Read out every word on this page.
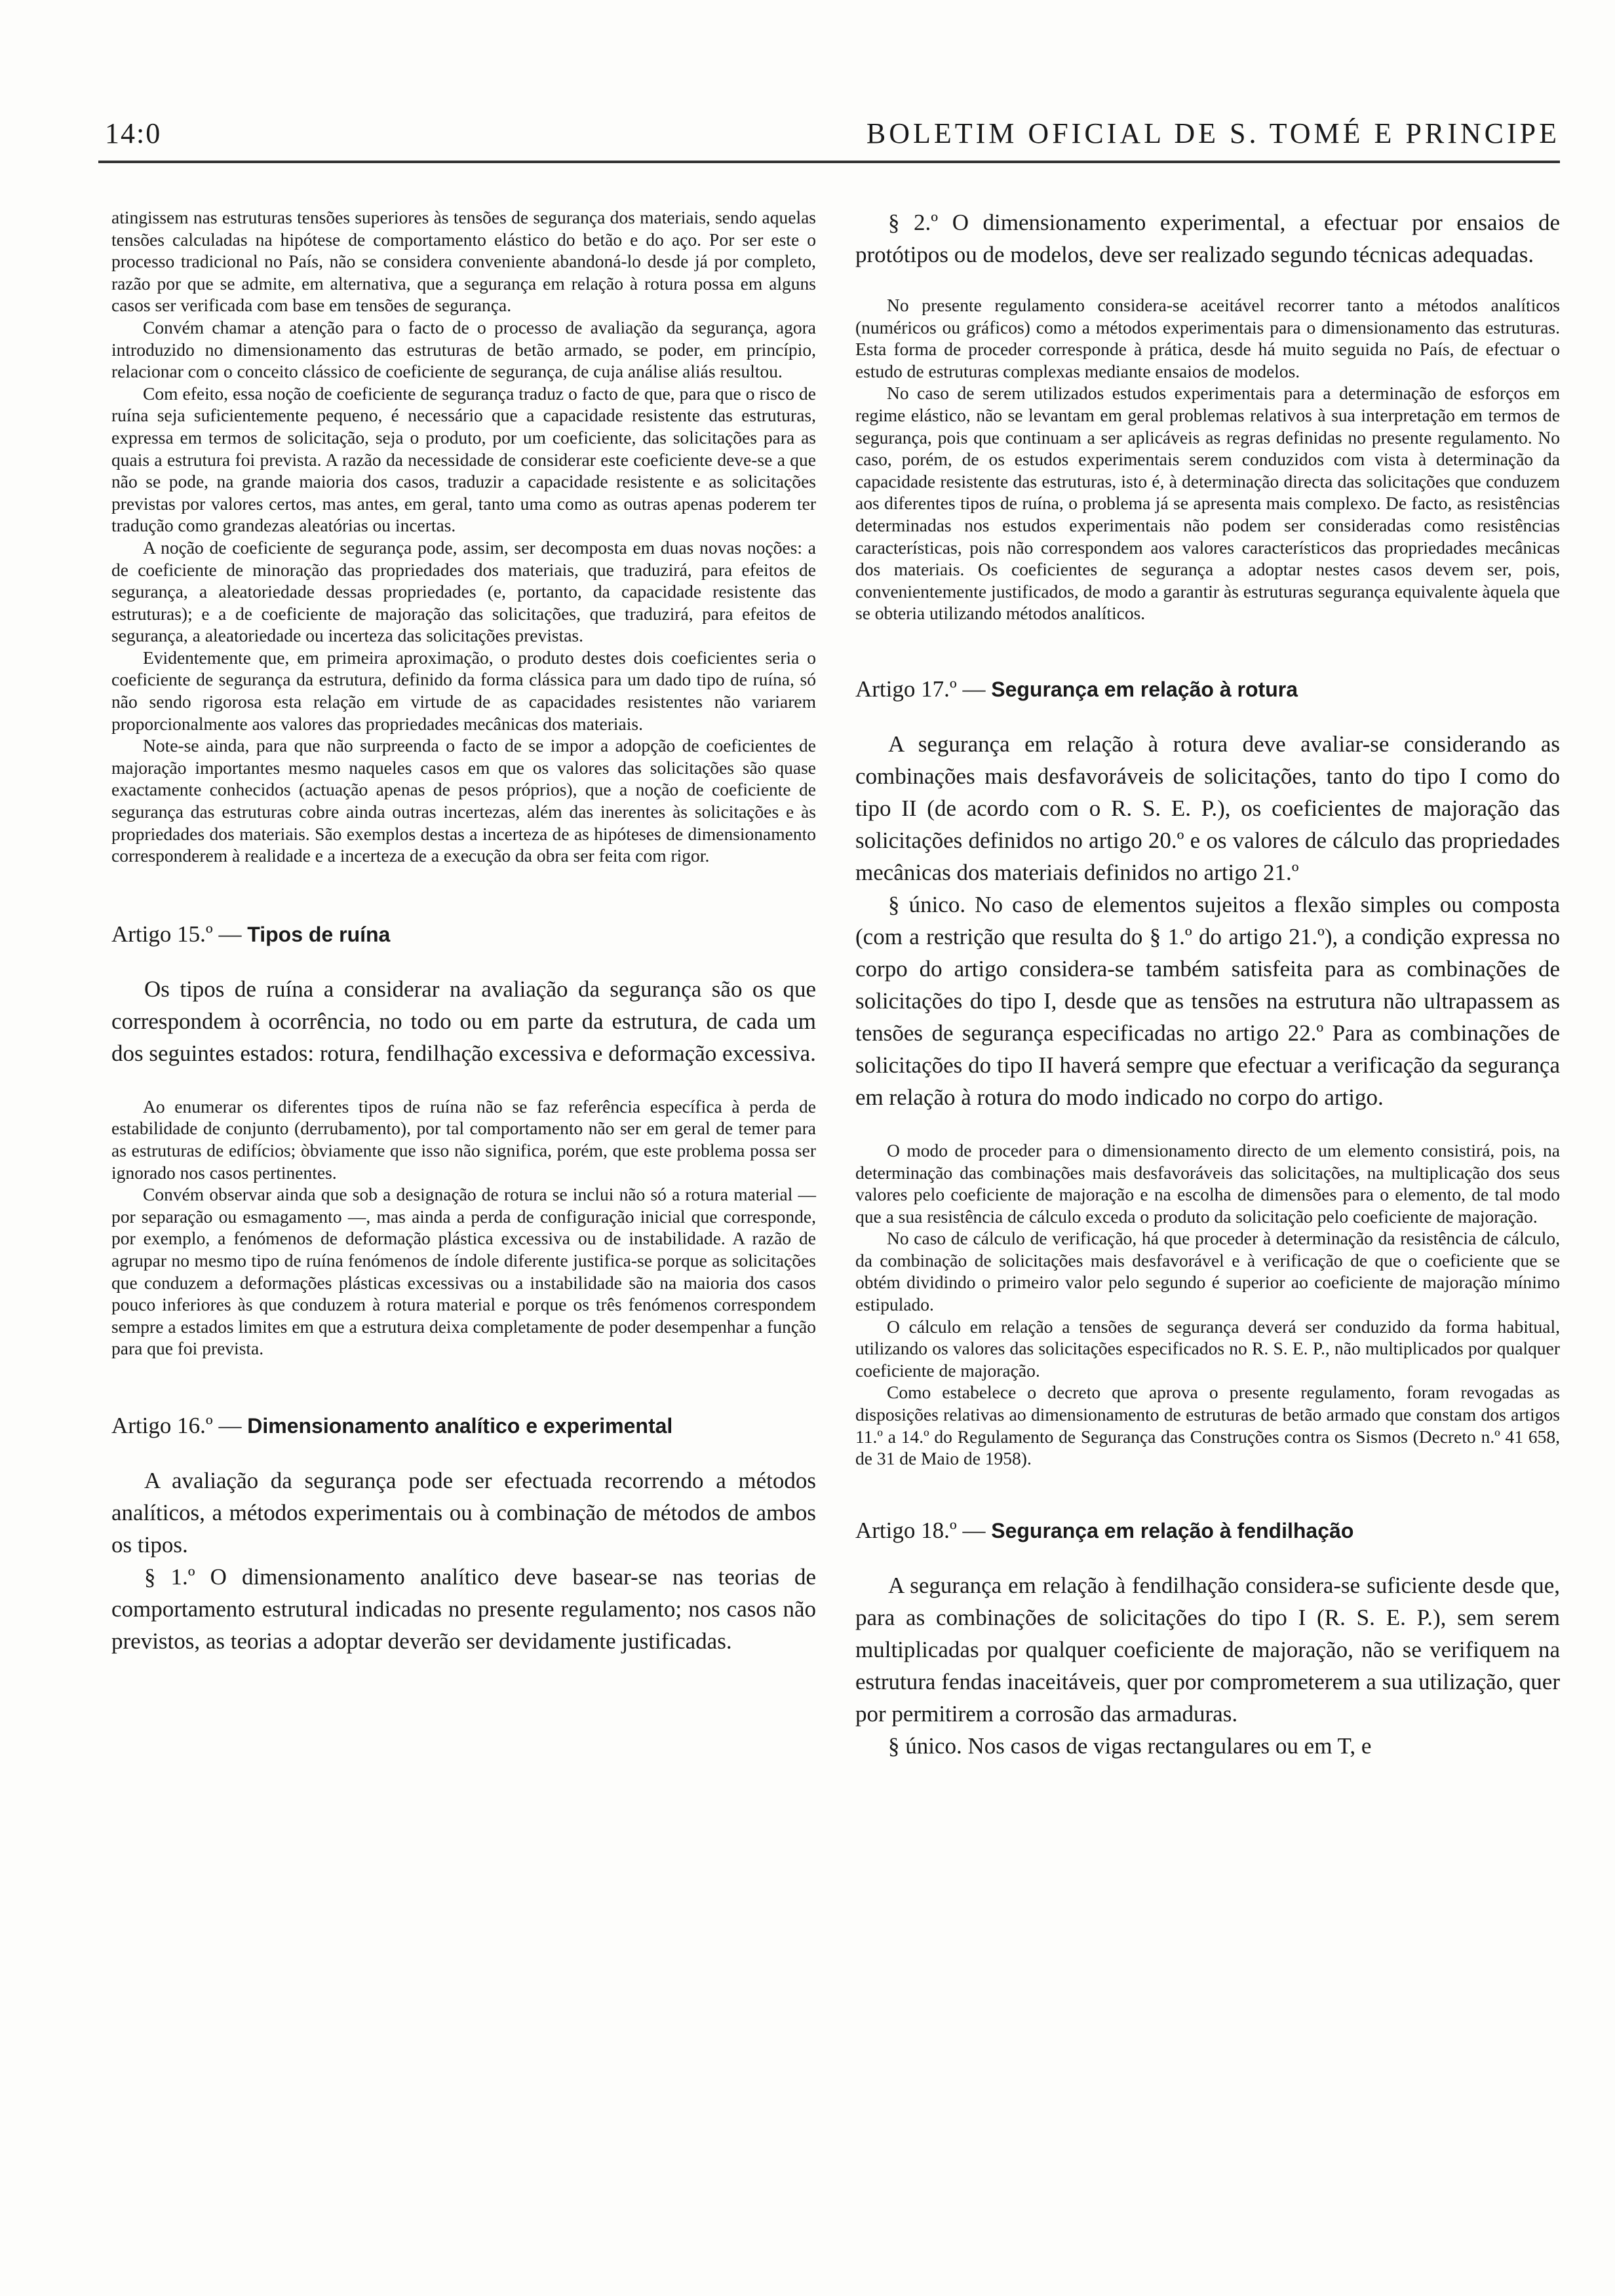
14:0	BOLETIM OFICIAL DE S. TOMÉ E PRINCIPE

atingissem nas estruturas tensões superiores às tensões de segurança dos materiais, sendo aquelas tensões calculadas na hipótese de comportamento elástico do betão e do aço. Por ser este o processo tradicional no País, não se considera conveniente abandoná-lo desde já por completo, razão por que se admite, em alternativa, que a segurança em relação à rotura possa em alguns casos ser verificada com base em tensões de segurança.

Convém chamar a atenção para o facto de o processo de avaliação da segurança, agora introduzido no dimensionamento das estruturas de betão armado, se poder, em princípio, relacionar com o conceito clássico de coeficiente de segurança, de cuja análise aliás resultou.

Com efeito, essa noção de coeficiente de segurança traduz o facto de que, para que o risco de ruína seja suficientemente pequeno, é necessário que a capacidade resistente das estruturas, expressa em termos de solicitação, seja o produto, por um coeficiente, das solicitações para as quais a estrutura foi prevista. A razão da necessidade de considerar este coeficiente deve-se a que não se pode, na grande maioria dos casos, traduzir a capacidade resistente e as solicitações previstas por valores certos, mas antes, em geral, tanto uma como as outras apenas poderem ter tradução como grandezas aleatórias ou incertas.

A noção de coeficiente de segurança pode, assim, ser decomposta em duas novas noções: a de coeficiente de minoração das propriedades dos materiais, que traduzirá, para efeitos de segurança, a aleatoriedade dessas propriedades (e, portanto, da capacidade resistente das estruturas); e a de coeficiente de majoração das solicitações, que traduzirá, para efeitos de segurança, a aleatoriedade ou incerteza das solicitações previstas.

Evidentemente que, em primeira aproximação, o produto destes dois coeficientes seria o coeficiente de segurança da estrutura, definido da forma clássica para um dado tipo de ruína, só não sendo rigorosa esta relação em virtude de as capacidades resistentes não variarem proporcionalmente aos valores das propriedades mecânicas dos materiais.

Note-se ainda, para que não surpreenda o facto de se impor a adopção de coeficientes de majoração importantes mesmo naqueles casos em que os valores das solicitações são quase exactamente conhecidos (actuação apenas de pesos próprios), que a noção de coeficiente de segurança das estruturas cobre ainda outras incertezas, além das inerentes às solicitações e às propriedades dos materiais. São exemplos destas a incerteza de as hipóteses de dimensionamento corresponderem à realidade e a incerteza de a execução da obra ser feita com rigor.

Artigo 15.º — Tipos de ruína

Os tipos de ruína a considerar na avaliação da segurança são os que correspondem à ocorrência, no todo ou em parte da estrutura, de cada um dos seguintes estados: rotura, fendilhação excessiva e deformação excessiva.

Ao enumerar os diferentes tipos de ruína não se faz referência específica à perda de estabilidade de conjunto (derrubamento), por tal comportamento não ser em geral de temer para as estruturas de edifícios; òbviamente que isso não significa, porém, que este problema possa ser ignorado nos casos pertinentes.

Convém observar ainda que sob a designação de rotura se inclui não só a rotura material — por separação ou esmagamento —, mas ainda a perda de configuração inicial que corresponde, por exemplo, a fenómenos de deformação plástica excessiva ou de instabilidade. A razão de agrupar no mesmo tipo de ruína fenómenos de índole diferente justifica-se porque as solicitações que conduzem a deformações plásticas excessivas ou a instabilidade são na maioria dos casos pouco inferiores às que conduzem à rotura material e porque os três fenómenos correspondem sempre a estados limites em que a estrutura deixa completamente de poder desempenhar a função para que foi prevista.

Artigo 16.º — Dimensionamento analítico e experimental

A avaliação da segurança pode ser efectuada recorrendo a métodos analíticos, a métodos experimentais ou à combinação de métodos de ambos os tipos.

§ 1.º O dimensionamento analítico deve basear-se nas teorias de comportamento estrutural indicadas no presente regulamento; nos casos não previstos, as teorias a adoptar deverão ser devidamente justificadas.

§ 2.º O dimensionamento experimental, a efectuar por ensaios de protótipos ou de modelos, deve ser realizado segundo técnicas adequadas.

No presente regulamento considera-se aceitável recorrer tanto a métodos analíticos (numéricos ou gráficos) como a métodos experimentais para o dimensionamento das estruturas. Esta forma de proceder corresponde à prática, desde há muito seguida no País, de efectuar o estudo de estruturas complexas mediante ensaios de modelos.

No caso de serem utilizados estudos experimentais para a determinação de esforços em regime elástico, não se levantam em geral problemas relativos à sua interpretação em termos de segurança, pois que continuam a ser aplicáveis as regras definidas no presente regulamento. No caso, porém, de os estudos experimentais serem conduzidos com vista à determinação da capacidade resistente das estruturas, isto é, à determinação directa das solicitações que conduzem aos diferentes tipos de ruína, o problema já se apresenta mais complexo. De facto, as resistências determinadas nos estudos experimentais não podem ser consideradas como resistências características, pois não correspondem aos valores característicos das propriedades mecânicas dos materiais. Os coeficientes de segurança a adoptar nestes casos devem ser, pois, convenientemente justificados, de modo a garantir às estruturas segurança equivalente àquela que se obteria utilizando métodos analíticos.

Artigo 17.º — Segurança em relação à rotura

A segurança em relação à rotura deve avaliar-se considerando as combinações mais desfavoráveis de solicitações, tanto do tipo I como do tipo II (de acordo com o R. S. E. P.), os coeficientes de majoração das solicitações definidos no artigo 20.º e os valores de cálculo das propriedades mecânicas dos materiais definidos no artigo 21.º

§ único. No caso de elementos sujeitos a flexão simples ou composta (com a restrição que resulta do § 1.º do artigo 21.º), a condição expressa no corpo do artigo considera-se também satisfeita para as combinações de solicitações do tipo I, desde que as tensões na estrutura não ultrapassem as tensões de segurança especificadas no artigo 22.º Para as combinações de solicitações do tipo II haverá sempre que efectuar a verificação da segurança em relação à rotura do modo indicado no corpo do artigo.

O modo de proceder para o dimensionamento directo de um elemento consistirá, pois, na determinação das combinações mais desfavoráveis das solicitações, na multiplicação dos seus valores pelo coeficiente de majoração e na escolha de dimensões para o elemento, de tal modo que a sua resistência de cálculo exceda o produto da solicitação pelo coeficiente de majoração.

No caso de cálculo de verificação, há que proceder à determinação da resistência de cálculo, da combinação de solicitações mais desfavorável e à verificação de que o coeficiente que se obtém dividindo o primeiro valor pelo segundo é superior ao coeficiente de majoração mínimo estipulado.

O cálculo em relação a tensões de segurança deverá ser conduzido da forma habitual, utilizando os valores das solicitações especificados no R. S. E. P., não multiplicados por qualquer coeficiente de majoração.

Como estabelece o decreto que aprova o presente regulamento, foram revogadas as disposições relativas ao dimensionamento de estruturas de betão armado que constam dos artigos 11.º a 14.º do Regulamento de Segurança das Construções contra os Sismos (Decreto n.º 41 658, de 31 de Maio de 1958).

Artigo 18.º — Segurança em relação à fendilhação

A segurança em relação à fendilhação considera-se suficiente desde que, para as combinações de solicitações do tipo I (R. S. E. P.), sem serem multiplicadas por qualquer coeficiente de majoração, não se verifiquem na estrutura fendas inaceitáveis, quer por comprometerem a sua utilização, quer por permitirem a corrosão das armaduras.

§ único. Nos casos de vigas rectangulares ou em T, e
